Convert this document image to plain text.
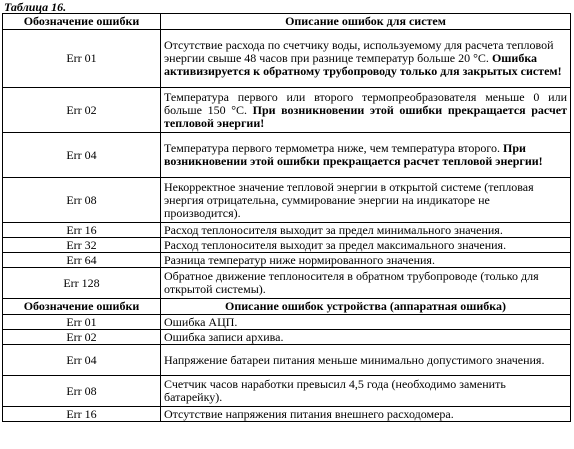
Таблица 16.
Обозначение ошибки	Описание ошибок для систем
Err 01	Отсутствие расхода по счетчику воды, используемому для расчета тепловой энергии свыше 48 часов при разнице температур больше 20 °С. Ошибка активизируется к обратному трубопроводу только для закрытых систем!
Err 02	Температура первого или второго термопреобразователя меньше 0 или больше 150 °С. При возникновении этой ошибки прекращается расчет тепловой энергии!
Err 04	Температура первого термометра ниже, чем температура второго. При возникновении этой ошибки прекращается расчет тепловой энергии!
Err 08	Некорректное значение тепловой энергии в открытой системе (тепловая энергия отрицательна, суммирование энергии на индикаторе не производится).
Err 16	Расход теплоносителя выходит за предел минимального значения.
Err 32	Расход теплоносителя выходит за предел максимального значения.
Err 64	Разница температур ниже нормированного значения.
Err 128	Обратное движение теплоносителя в обратном трубопроводе (только для открытой системы).
Обозначение ошибки	Описание ошибок устройства (аппаратная ошибка)
Err 01	Ошибка АЦП.
Err 02	Ошибка записи архива.
Err 04	Напряжение батареи питания меньше минимально допустимого значения.
Err 08	Счетчик часов наработки превысил 4,5 года (необходимо заменить батарейку).
Err 16	Отсутствие напряжения питания внешнего расходомера.
